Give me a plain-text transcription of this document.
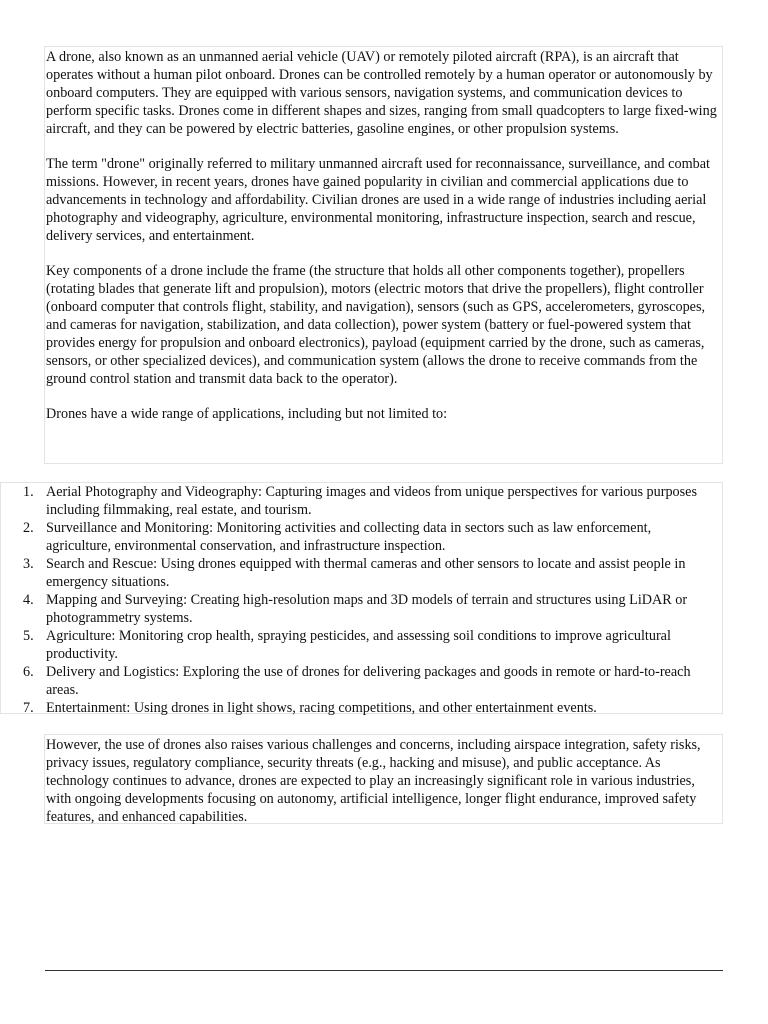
A drone, also known as an unmanned aerial vehicle (UAV) or remotely piloted aircraft (RPA), is an aircraft that operates without a human pilot onboard. Drones can be controlled remotely by a human operator or autonomously by onboard computers. They are equipped with various sensors, navigation systems, and communication devices to perform specific tasks. Drones come in different shapes and sizes, ranging from small quadcopters to large fixed-wing aircraft, and they can be powered by electric batteries, gasoline engines, or other propulsion systems.

The term "drone" originally referred to military unmanned aircraft used for reconnaissance, surveillance, and combat missions. However, in recent years, drones have gained popularity in civilian and commercial applications due to advancements in technology and affordability. Civilian drones are used in a wide range of industries including aerial photography and videography, agriculture, environmental monitoring, infrastructure inspection, search and rescue, delivery services, and entertainment.

Key components of a drone include the frame (the structure that holds all other components together), propellers (rotating blades that generate lift and propulsion), motors (electric motors that drive the propellers), flight controller (onboard computer that controls flight, stability, and navigation), sensors (such as GPS, accelerometers, gyroscopes, and cameras for navigation, stabilization, and data collection), power system (battery or fuel-powered system that provides energy for propulsion and onboard electronics), payload (equipment carried by the drone, such as cameras, sensors, or other specialized devices), and communication system (allows the drone to receive commands from the ground control station and transmit data back to the operator).

Drones have a wide range of applications, including but not limited to:

1. Aerial Photography and Videography: Capturing images and videos from unique perspectives for various purposes including filmmaking, real estate, and tourism.
2. Surveillance and Monitoring: Monitoring activities and collecting data in sectors such as law enforcement, agriculture, environmental conservation, and infrastructure inspection.
3. Search and Rescue: Using drones equipped with thermal cameras and other sensors to locate and assist people in emergency situations.
4. Mapping and Surveying: Creating high-resolution maps and 3D models of terrain and structures using LiDAR or photogrammetry systems.
5. Agriculture: Monitoring crop health, spraying pesticides, and assessing soil conditions to improve agricultural productivity.
6. Delivery and Logistics: Exploring the use of drones for delivering packages and goods in remote or hard-to-reach areas.
7. Entertainment: Using drones in light shows, racing competitions, and other entertainment events.

However, the use of drones also raises various challenges and concerns, including airspace integration, safety risks, privacy issues, regulatory compliance, security threats (e.g., hacking and misuse), and public acceptance. As technology continues to advance, drones are expected to play an increasingly significant role in various industries, with ongoing developments focusing on autonomy, artificial intelligence, longer flight endurance, improved safety features, and enhanced capabilities.
